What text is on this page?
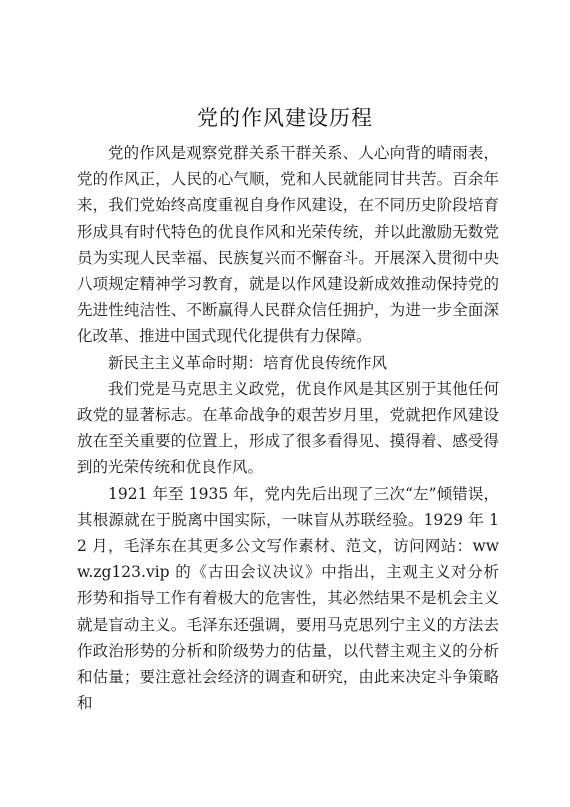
党的作风建设历程

党的作风是观察党群关系干群关系、人心向背的晴雨表，党的作风正，人民的心气顺，党和人民就能同甘共苦。百余年来，我们党始终高度重视自身作风建设，在不同历史阶段培育形成具有时代特色的优良作风和光荣传统，并以此激励无数党员为实现人民幸福、民族复兴而不懈奋斗。开展深入贯彻中央八项规定精神学习教育，就是以作风建设新成效推动保持党的先进性纯洁性、不断赢得人民群众信任拥护，为进一步全面深化改革、推进中国式现代化提供有力保障。

新民主主义革命时期：培育优良传统作风

我们党是马克思主义政党，优良作风是其区别于其他任何政党的显著标志。在革命战争的艰苦岁月里，党就把作风建设放在至关重要的位置上，形成了很多看得见、摸得着、感受得到的光荣传统和优良作风。

1921 年至 1935 年，党内先后出现了三次“左”倾错误，其根源就在于脱离中国实际，一味盲从苏联经验。1929 年 12 月，毛泽东在其更多公文写作素材、范文，访问网站：www.zg123.vip 的《古田会议决议》中指出，主观主义对分析形势和指导工作有着极大的危害性，其必然结果不是机会主义就是盲动主义。毛泽东还强调，要用马克思列宁主义的方法去作政治形势的分析和阶级势力的估量，以代替主观主义的分析和估量；要注意社会经济的调查和研究，由此来决定斗争策略和
